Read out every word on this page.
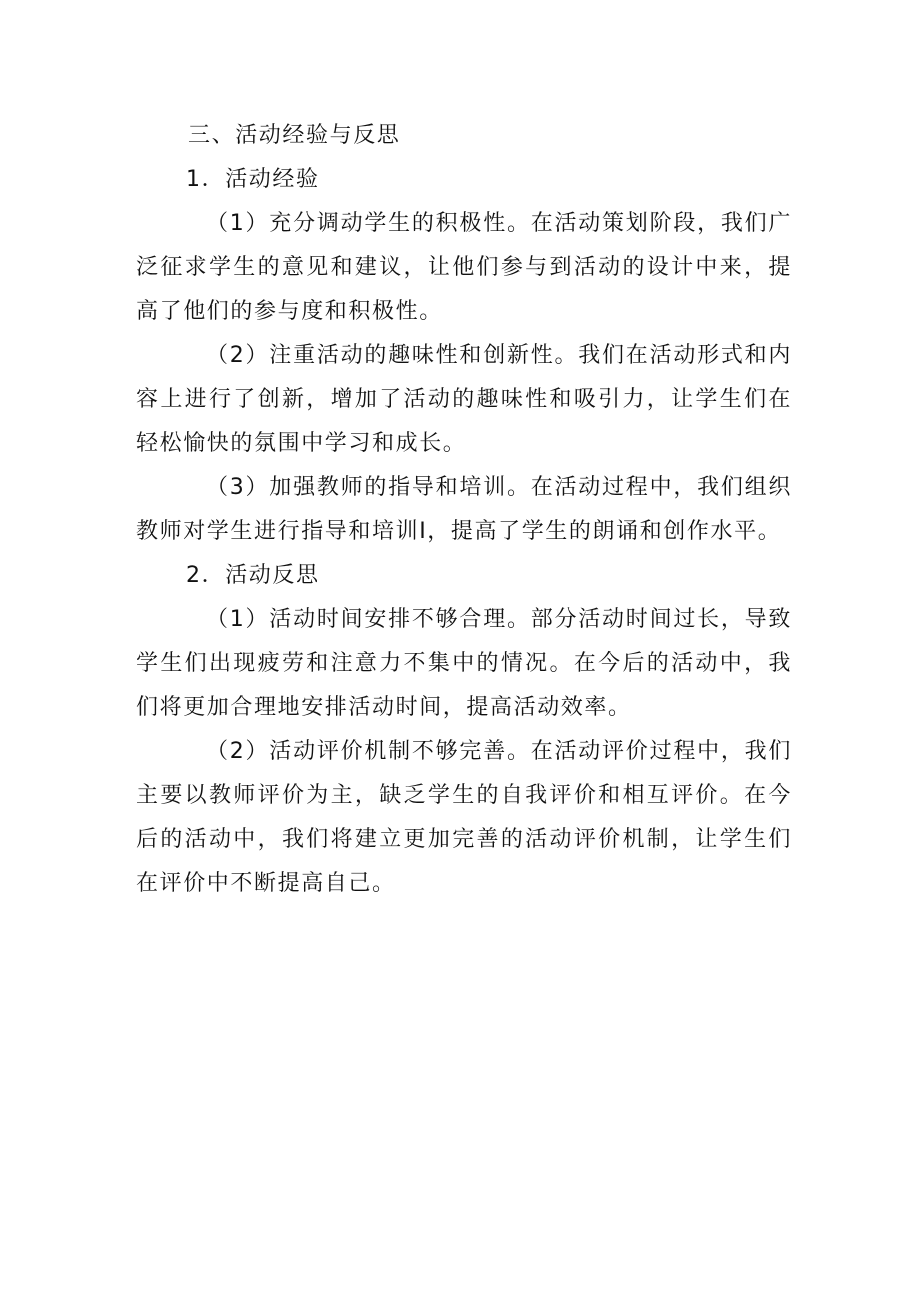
三、活动经验与反思

1．活动经验

（1）充分调动学生的积极性。在活动策划阶段，我们广泛征求学生的意见和建议，让他们参与到活动的设计中来，提高了他们的参与度和积极性。

（2）注重活动的趣味性和创新性。我们在活动形式和内容上进行了创新，增加了活动的趣味性和吸引力，让学生们在轻松愉快的氛围中学习和成长。

（3）加强教师的指导和培训。在活动过程中，我们组织教师对学生进行指导和培训I，提高了学生的朗诵和创作水平。

2．活动反思

（1）活动时间安排不够合理。部分活动时间过长，导致学生们出现疲劳和注意力不集中的情况。在今后的活动中，我们将更加合理地安排活动时间，提高活动效率。

（2）活动评价机制不够完善。在活动评价过程中，我们主要以教师评价为主，缺乏学生的自我评价和相互评价。在今后的活动中，我们将建立更加完善的活动评价机制，让学生们在评价中不断提高自己。
